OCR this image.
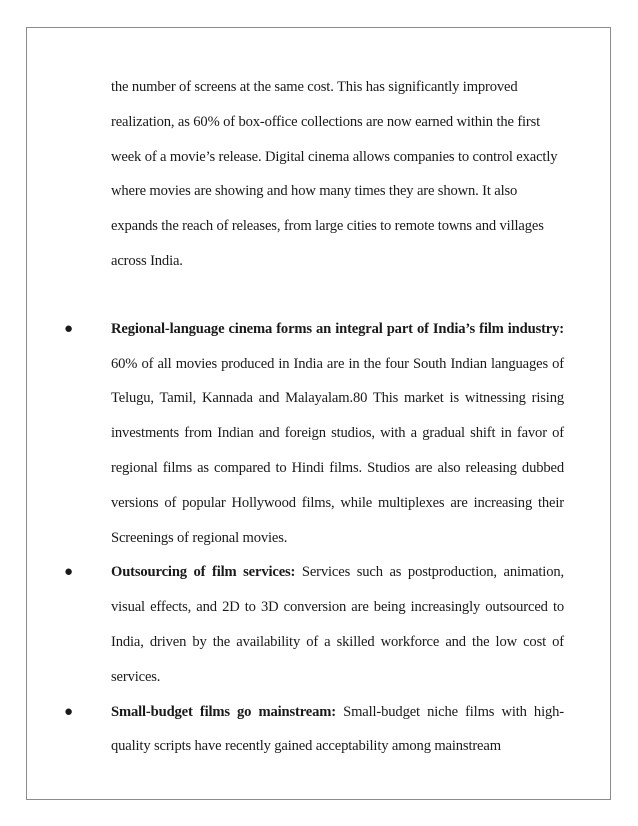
the number of screens at the same cost. This has significantly improved realization, as 60% of box-office collections are now earned within the first week of a movie’s release. Digital cinema allows companies to control exactly where movies are showing and how many times they are shown. It also expands the reach of releases, from large cities to remote towns and villages across India.

●	Regional-language cinema forms an integral part of India’s film industry: 60% of all movies produced in India are in the four South Indian languages of Telugu, Tamil, Kannada and Malayalam.80 This market is witnessing rising investments from Indian and foreign studios, with a gradual shift in favor of regional films as compared to Hindi films. Studios are also releasing dubbed versions of popular Hollywood films, while multiplexes are increasing their Screenings of regional movies.
●	Outsourcing of film services: Services such as postproduction, animation, visual effects, and 2D to 3D conversion are being increasingly outsourced to India, driven by the availability of a skilled workforce and the low cost of services.
●	Small-budget films go mainstream: Small-budget niche films with high-quality scripts have recently gained acceptability among mainstream
